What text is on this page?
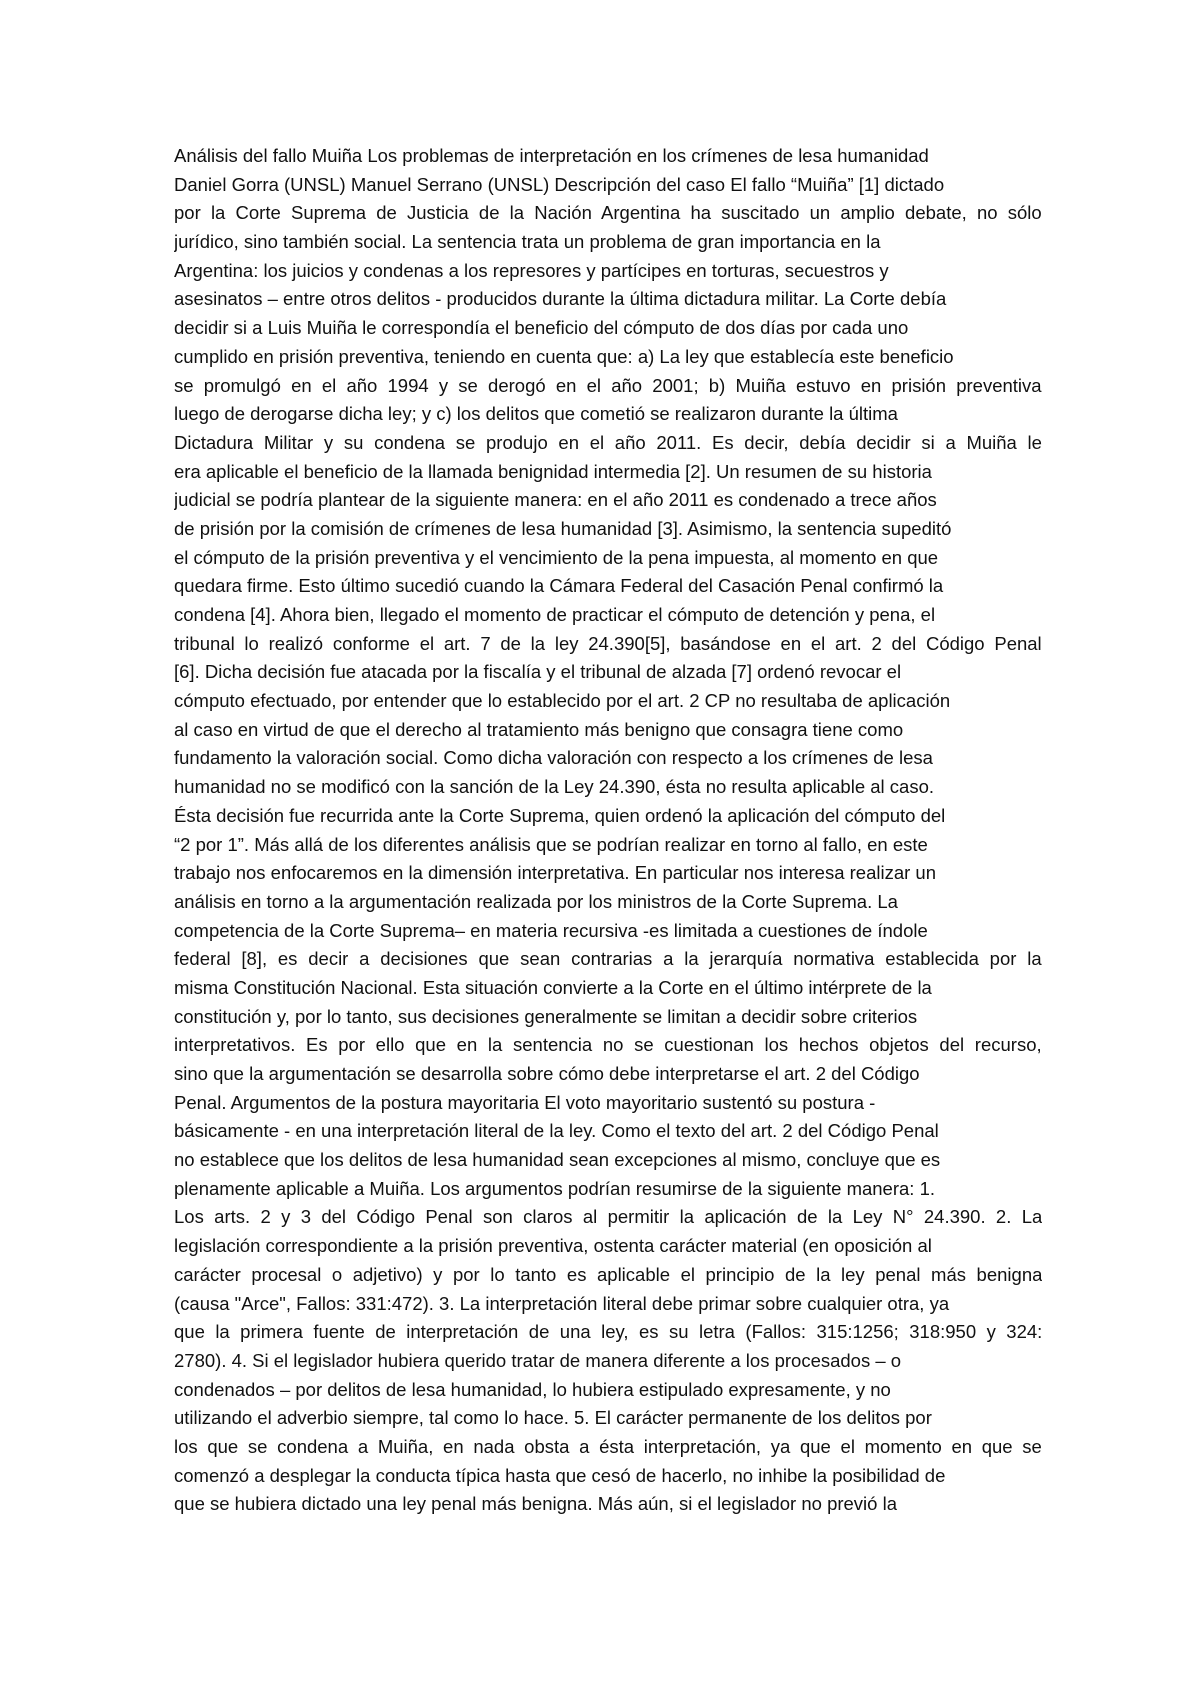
Análisis del fallo Muiña Los problemas de interpretación en los crímenes de lesa humanidad
Daniel Gorra (UNSL) Manuel Serrano (UNSL) Descripción del caso El fallo “Muiña” [1] dictado
por la Corte Suprema de Justicia de la Nación Argentina ha suscitado un amplio debate, no sólo
jurídico, sino también social. La sentencia trata un problema de gran importancia en la
Argentina: los juicios y condenas a los represores y partícipes en torturas, secuestros y
asesinatos – entre otros delitos - producidos durante la última dictadura militar. La Corte debía
decidir si a Luis Muiña le correspondía el beneficio del cómputo de dos días por cada uno
cumplido en prisión preventiva, teniendo en cuenta que: a) La ley que establecía este beneficio
se promulgó en el año 1994 y se derogó en el año 2001; b) Muiña estuvo en prisión preventiva
luego de derogarse dicha ley; y c) los delitos que cometió se realizaron durante la última
Dictadura Militar y su condena se produjo en el año 2011. Es decir, debía decidir si a Muiña le
era aplicable el beneficio de la llamada benignidad intermedia [2]. Un resumen de su historia
judicial se podría plantear de la siguiente manera: en el año 2011 es condenado a trece años
de prisión por la comisión de crímenes de lesa humanidad [3]. Asimismo, la sentencia supeditó
el cómputo de la prisión preventiva y el vencimiento de la pena impuesta, al momento en que
quedara firme. Esto último sucedió cuando la Cámara Federal del Casación Penal confirmó la
condena [4]. Ahora bien, llegado el momento de practicar el cómputo de detención y pena, el
tribunal lo realizó conforme el art. 7 de la ley 24.390[5], basándose en el art. 2 del Código Penal
[6]. Dicha decisión fue atacada por la fiscalía y el tribunal de alzada [7] ordenó revocar el
cómputo efectuado, por entender que lo establecido por el art. 2 CP no resultaba de aplicación
al caso en virtud de que el derecho al tratamiento más benigno que consagra tiene como
fundamento la valoración social. Como dicha valoración con respecto a los crímenes de lesa
humanidad no se modificó con la sanción de la Ley 24.390, ésta no resulta aplicable al caso.
Ésta decisión fue recurrida ante la Corte Suprema, quien ordenó la aplicación del cómputo del
“2 por 1”. Más allá de los diferentes análisis que se podrían realizar en torno al fallo, en este
trabajo nos enfocaremos en la dimensión interpretativa. En particular nos interesa realizar un
análisis en torno a la argumentación realizada por los ministros de la Corte Suprema. La
competencia de la Corte Suprema– en materia recursiva -es limitada a cuestiones de índole
federal [8], es decir a decisiones que sean contrarias a la jerarquía normativa establecida por la
misma Constitución Nacional. Esta situación convierte a la Corte en el último intérprete de la
constitución y, por lo tanto, sus decisiones generalmente se limitan a decidir sobre criterios
interpretativos. Es por ello que en la sentencia no se cuestionan los hechos objetos del recurso,
sino que la argumentación se desarrolla sobre cómo debe interpretarse el art. 2 del Código
Penal. Argumentos de la postura mayoritaria El voto mayoritario sustentó su postura -
básicamente - en una interpretación literal de la ley. Como el texto del art. 2 del Código Penal
no establece que los delitos de lesa humanidad sean excepciones al mismo, concluye que es
plenamente aplicable a Muiña. Los argumentos podrían resumirse de la siguiente manera: 1.
Los arts. 2 y 3 del Código Penal son claros al permitir la aplicación de la Ley N° 24.390. 2. La
legislación correspondiente a la prisión preventiva, ostenta carácter material (en oposición al
carácter procesal o adjetivo) y por lo tanto es aplicable el principio de la ley penal más benigna
(causa "Arce", Fallos: 331:472). 3. La interpretación literal debe primar sobre cualquier otra, ya
que la primera fuente de interpretación de una ley, es su letra (Fallos: 315:1256; 318:950 y 324:
2780). 4. Si el legislador hubiera querido tratar de manera diferente a los procesados – o
condenados – por delitos de lesa humanidad, lo hubiera estipulado expresamente, y no
utilizando el adverbio siempre, tal como lo hace. 5. El carácter permanente de los delitos por
los que se condena a Muiña, en nada obsta a ésta interpretación, ya que el momento en que se
comenzó a desplegar la conducta típica hasta que cesó de hacerlo, no inhibe la posibilidad de
que se hubiera dictado una ley penal más benigna. Más aún, si el legislador no previó la
